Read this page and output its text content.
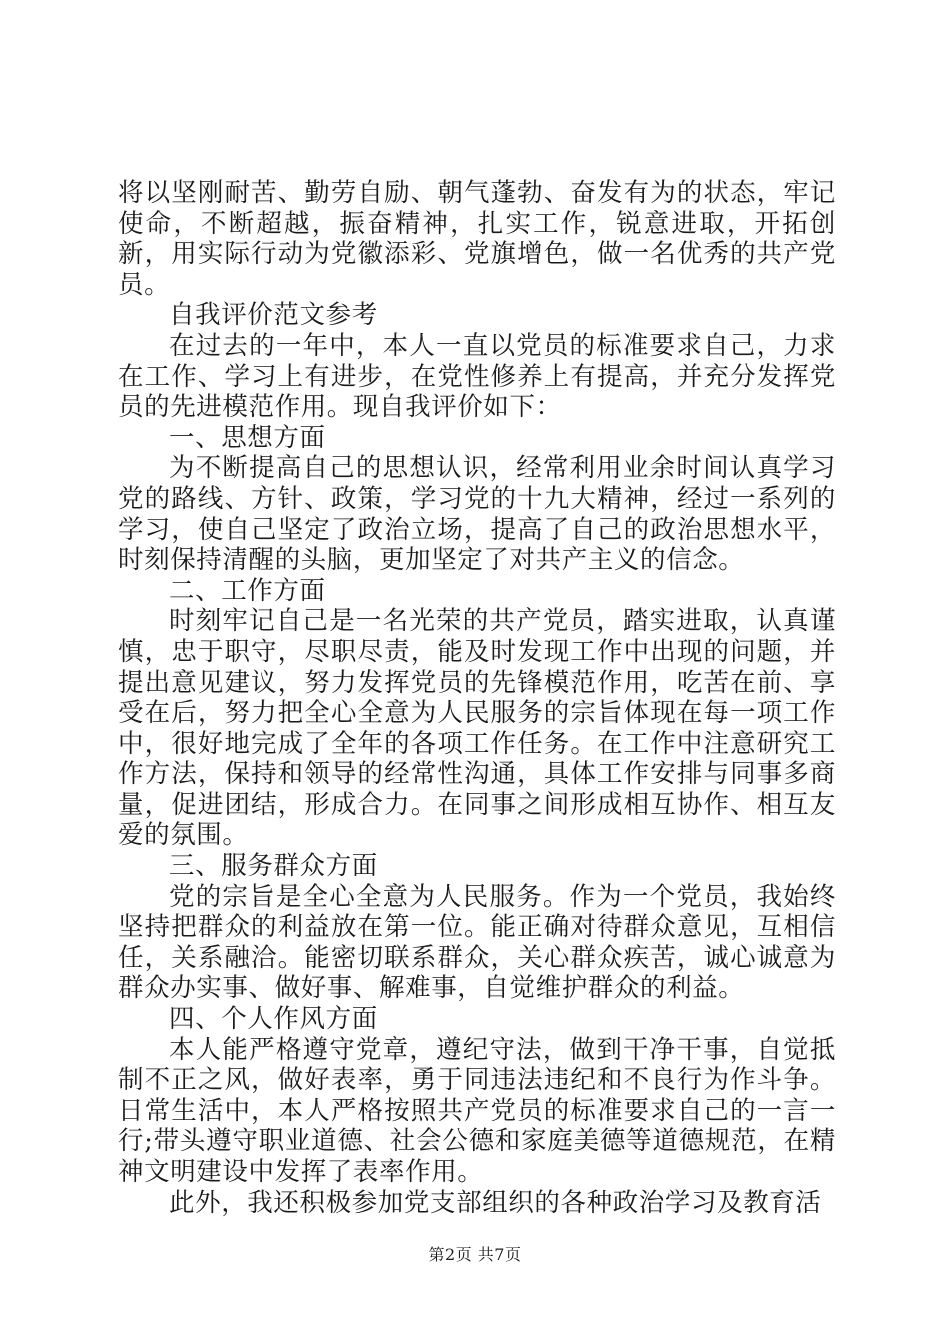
将以坚刚耐苦、勤劳自励、朝气蓬勃、奋发有为的状态，牢记使命，不断超越，振奋精神，扎实工作，锐意进取，开拓创新，用实际行动为党徽添彩、党旗增色，做一名优秀的共产党员。

自我评价范文参考

在过去的一年中，本人一直以党员的标准要求自己，力求在工作、学习上有进步，在党性修养上有提高，并充分发挥党员的先进模范作用。现自我评价如下：

一、思想方面

为不断提高自己的思想认识，经常利用业余时间认真学习党的路线、方针、政策，学习党的十九大精神，经过一系列的学习，使自己坚定了政治立场，提高了自己的政治思想水平，时刻保持清醒的头脑，更加坚定了对共产主义的信念。

二、工作方面

时刻牢记自己是一名光荣的共产党员，踏实进取，认真谨慎，忠于职守，尽职尽责，能及时发现工作中出现的问题，并提出意见建议，努力发挥党员的先锋模范作用，吃苦在前、享受在后，努力把全心全意为人民服务的宗旨体现在每一项工作中，很好地完成了全年的各项工作任务。在工作中注意研究工作方法，保持和领导的经常性沟通，具体工作安排与同事多商量，促进团结，形成合力。在同事之间形成相互协作、相互友爱的氛围。

三、服务群众方面

党的宗旨是全心全意为人民服务。作为一个党员，我始终坚持把群众的利益放在第一位。能正确对待群众意见，互相信任，关系融洽。能密切联系群众，关心群众疾苦，诚心诚意为群众办实事、做好事、解难事，自觉维护群众的利益。

四、个人作风方面

本人能严格遵守党章，遵纪守法，做到干净干事，自觉抵制不正之风，做好表率，勇于同违法违纪和不良行为作斗争。日常生活中，本人严格按照共产党员的标准要求自己的一言一行;带头遵守职业道德、社会公德和家庭美德等道德规范，在精神文明建设中发挥了表率作用。

此外，我还积极参加党支部组织的各种政治学习及教育活

第2页 共7页
